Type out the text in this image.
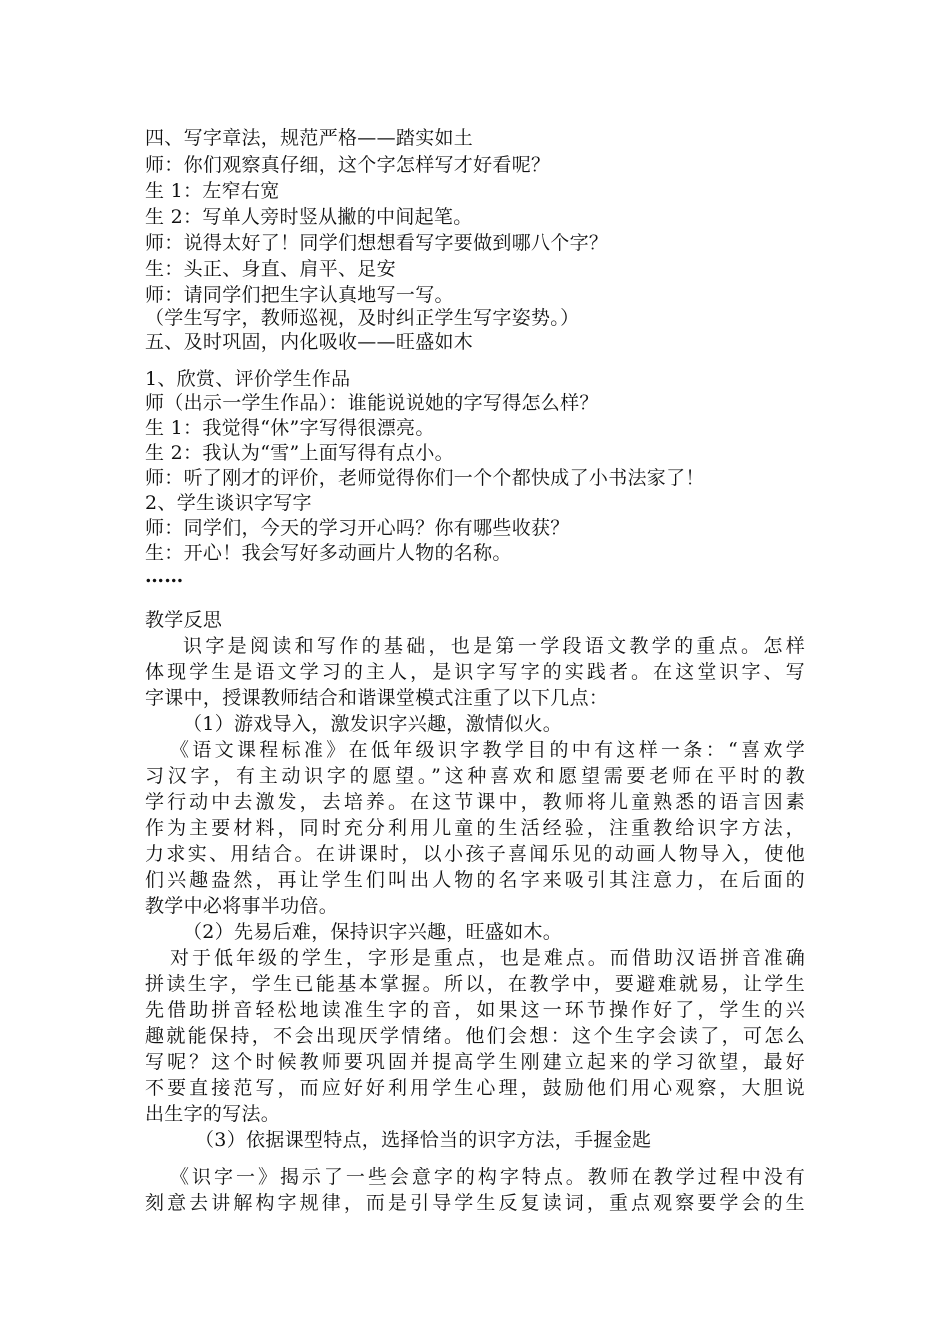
四、写字章法，规范严格——踏实如土
师：你们观察真仔细，这个字怎样写才好看呢？
生 1：左窄右宽
生 2：写单人旁时竖从撇的中间起笔。
师：说得太好了！同学们想想看写字要做到哪八个字？
生：头正、身直、肩平、足安
师：请同学们把生字认真地写一写。
（学生写字，教师巡视，及时纠正学生写字姿势。）
五、及时巩固，内化吸收——旺盛如木
1、欣赏、评价学生作品
师（出示一学生作品）：谁能说说她的字写得怎么样？
生 1：我觉得“休”字写得很漂亮。
生 2：我认为“雪”上面写得有点小。
师：听了刚才的评价，老师觉得你们一个个都快成了小书法家了！
2、学生谈识字写字
师：同学们，今天的学习开心吗？你有哪些收获？
生：开心！我会写好多动画片人物的名称。
……
教学反思
识字是阅读和写作的基础，也是第一学段语文教学的重点。怎样
体现学生是语文学习的主人，是识字写字的实践者。在这堂识字、写
字课中，授课教师结合和谐课堂模式注重了以下几点：
（1）游戏导入，激发识字兴趣，激情似火。
《语文课程标准》在低年级识字教学目的中有这样一条：“喜欢学
习汉字，有主动识字的愿望。”这种喜欢和愿望需要老师在平时的教
学行动中去激发，去培养。在这节课中，教师将儿童熟悉的语言因素
作为主要材料，同时充分利用儿童的生活经验，注重教给识字方法，
力求实、用结合。在讲课时，以小孩子喜闻乐见的动画人物导入，使他
们兴趣盎然，再让学生们叫出人物的名字来吸引其注意力，在后面的
教学中必将事半功倍。
（2）先易后难，保持识字兴趣，旺盛如木。
对于低年级的学生，字形是重点，也是难点。而借助汉语拼音准确
拼读生字，学生已能基本掌握。所以，在教学中，要避难就易，让学生
先借助拼音轻松地读准生字的音，如果这一环节操作好了，学生的兴
趣就能保持，不会出现厌学情绪。他们会想：这个生字会读了，可怎么
写呢？这个时候教师要巩固并提高学生刚建立起来的学习欲望，最好
不要直接范写，而应好好利用学生心理，鼓励他们用心观察，大胆说
出生字的写法。
（3）依据课型特点，选择恰当的识字方法，手握金匙
《识字一》揭示了一些会意字的构字特点。教师在教学过程中没有
刻意去讲解构字规律，而是引导学生反复读词，重点观察要学会的生
